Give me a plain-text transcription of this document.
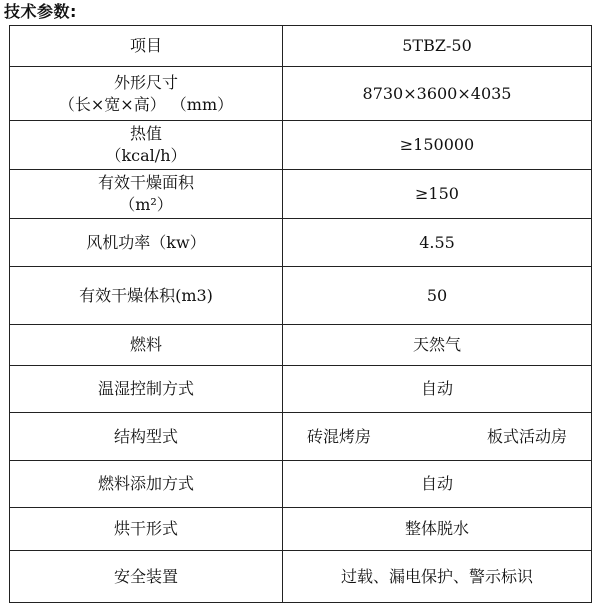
技术参数:
项目	5TBZ-50

外形尺寸
（长×宽×高） （mm）	8730×3600×4035

热值
（kcal/h）	≥150000

有效干燥面积
（m²）	≥150

风机功率（kw）	4.55

有效干燥体积(m3)	50

燃料	天然气

温湿控制方式	自动

结构型式	砖混烤房 板式活动房

燃料添加方式	自动

烘干形式	整体脱水

安全装置	过载、漏电保护、警示标识
